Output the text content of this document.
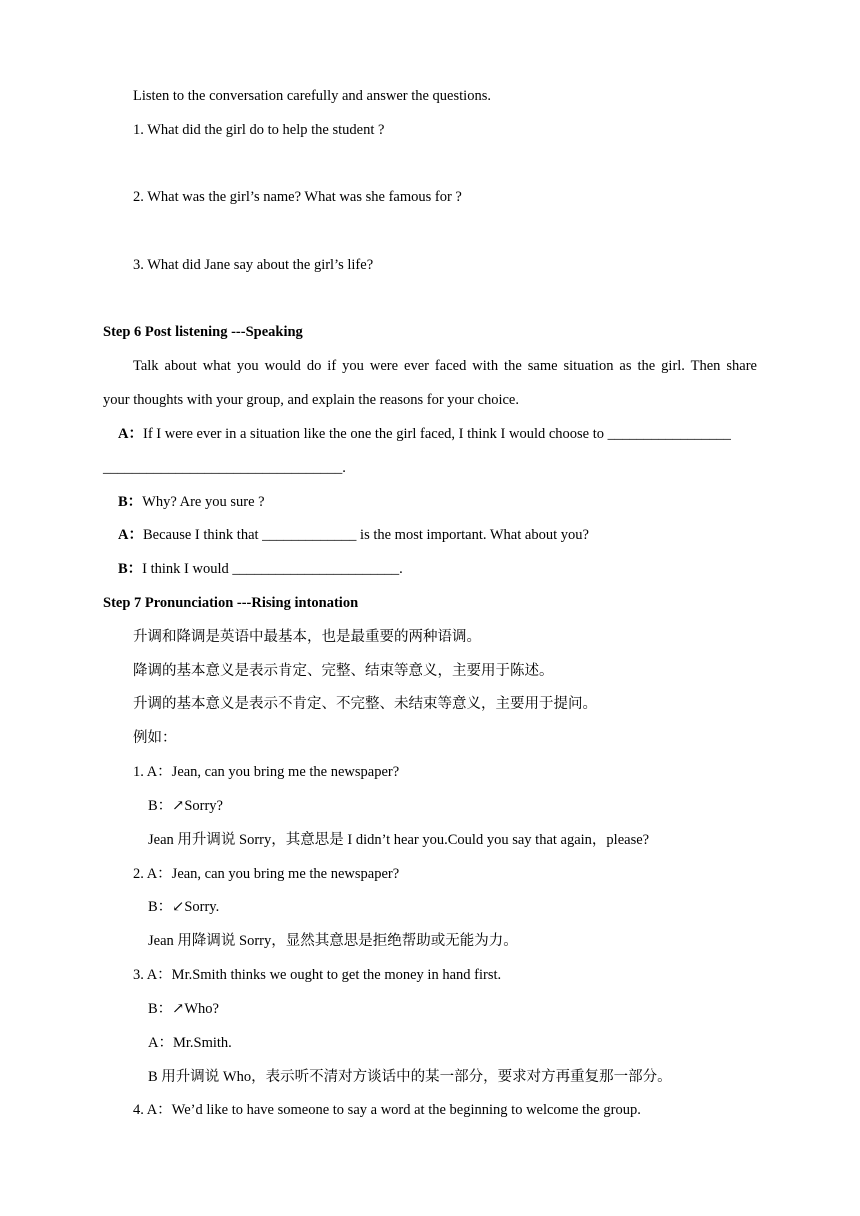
Listen to the conversation carefully and answer the questions.
1. What did the girl do to help the student ?
2. What was the girl’s name? What was she famous for ?
3. What did Jane say about the girl’s life?
Step 6 Post listening ---Speaking
Talk about what you would do if you were ever faced with the same situation as the girl. Then share
your thoughts with your group, and explain the reasons for your choice.
A：If I were ever in a situation like the one the girl faced, I think I would choose to _________________
_________________________________.
B：Why? Are you sure ?
A：Because I think that _____________ is the most important. What about you?
B：I think I would _______________________.
Step 7 Pronunciation ---Rising intonation
升调和降调是英语中最基本，也是最重要的两种语调。
降调的基本意义是表示肯定、完整、结束等意义，主要用于陈述。
升调的基本意义是表示不肯定、不完整、未结束等意义，主要用于提问。
例如：
1. A：Jean, can you bring me the newspaper?
B：↗Sorry?
Jean 用升调说 Sorry，其意思是 I didn’t hear you.Could you say that again，please?
2. A：Jean, can you bring me the newspaper?
B：↙Sorry.
Jean 用降调说 Sorry，显然其意思是拒绝帮助或无能为力。
3. A：Mr.Smith thinks we ought to get the money in hand first.
B：↗Who?
A：Mr.Smith.
B 用升调说 Who，表示听不清对方谈话中的某一部分，要求对方再重复那一部分。
4. A：We’d like to have someone to say a word at the beginning to welcome the group.
